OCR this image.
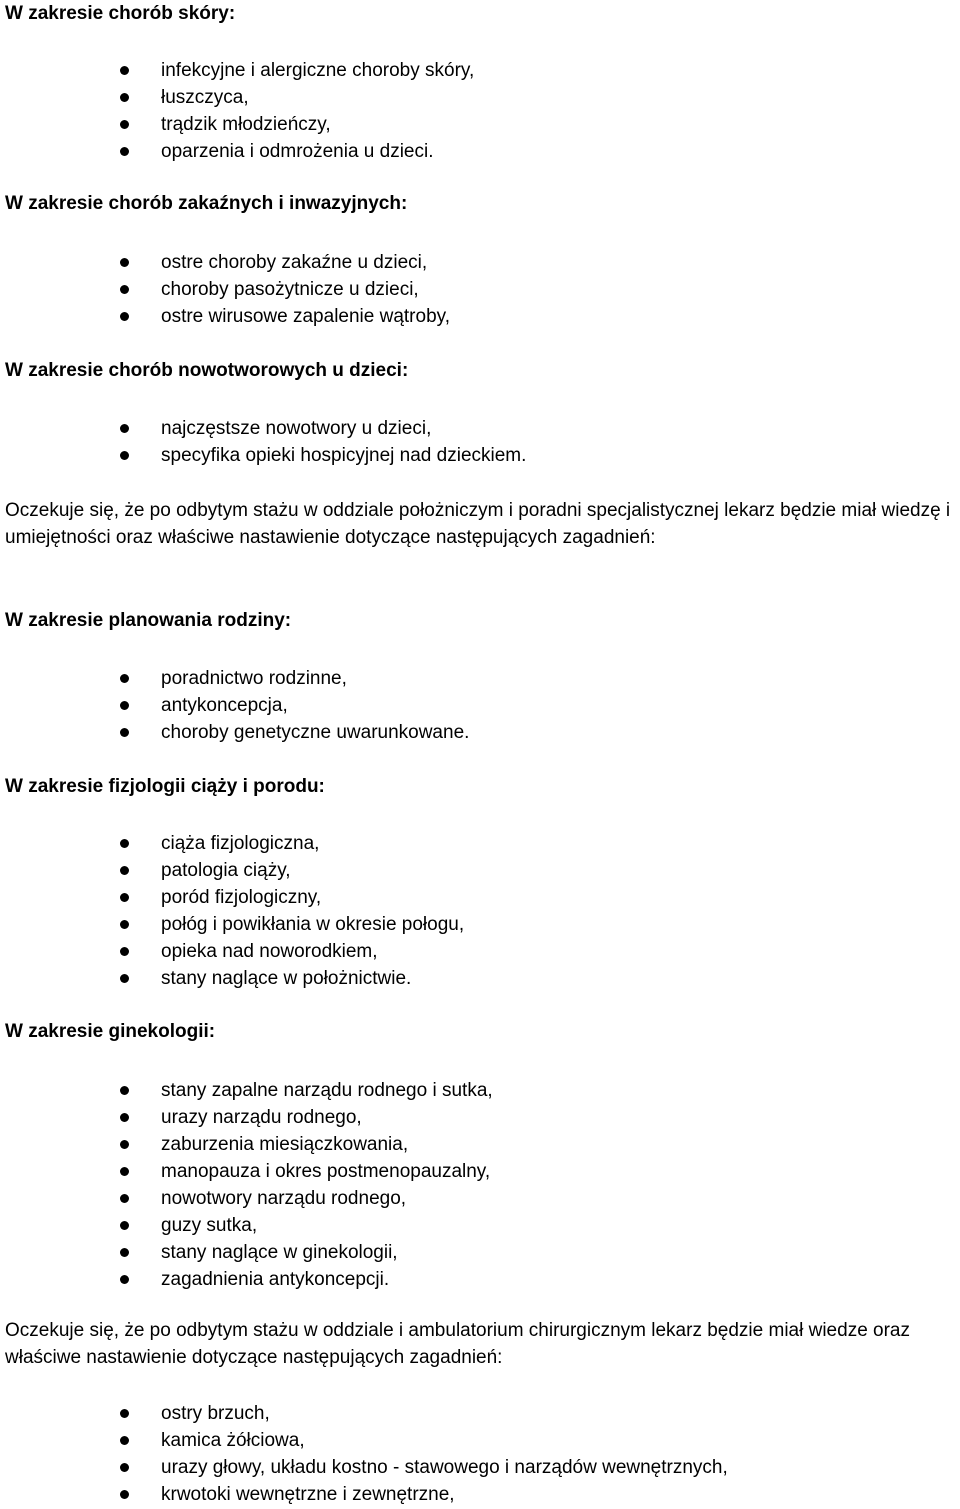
W zakresie chorób skóry:
infekcyjne i alergiczne choroby skóry,
łuszczyca,
trądzik młodzieńczy,
oparzenia i odmrożenia u dzieci.
W zakresie chorób zakaźnych i inwazyjnych:
ostre choroby zakaźne u dzieci,
choroby pasożytnicze u dzieci,
ostre wirusowe zapalenie wątroby,
W zakresie chorób nowotworowych u dzieci:
najczęstsze nowotwory u dzieci,
specyfika opieki hospicyjnej nad dzieckiem.
Oczekuje się, że po odbytym stażu w oddziale położniczym i poradni specjalistycznej lekarz będzie miał wiedzę i umiejętności oraz właściwe nastawienie dotyczące następujących zagadnień:
W zakresie planowania rodziny:
poradnictwo rodzinne,
antykoncepcja,
choroby genetyczne uwarunkowane.
W zakresie fizjologii ciąży i porodu:
ciąża fizjologiczna,
patologia ciąży,
poród fizjologiczny,
połóg i powikłania w okresie połogu,
opieka nad noworodkiem,
stany naglące w położnictwie.
W zakresie ginekologii:
stany zapalne narządu rodnego i sutka,
urazy narządu rodnego,
zaburzenia miesiączkowania,
manopauza i okres postmenopauzalny,
nowotwory narządu rodnego,
guzy sutka,
stany naglące w ginekologii,
zagadnienia antykoncepcji.
Oczekuje się, że po odbytym stażu w oddziale i ambulatorium chirurgicznym lekarz będzie miał wiedze oraz właściwe nastawienie dotyczące następujących zagadnień:
ostry brzuch,
kamica żółciowa,
urazy głowy, układu kostno - stawowego i narządów wewnętrznych,
krwotoki wewnętrzne i zewnętrzne,
